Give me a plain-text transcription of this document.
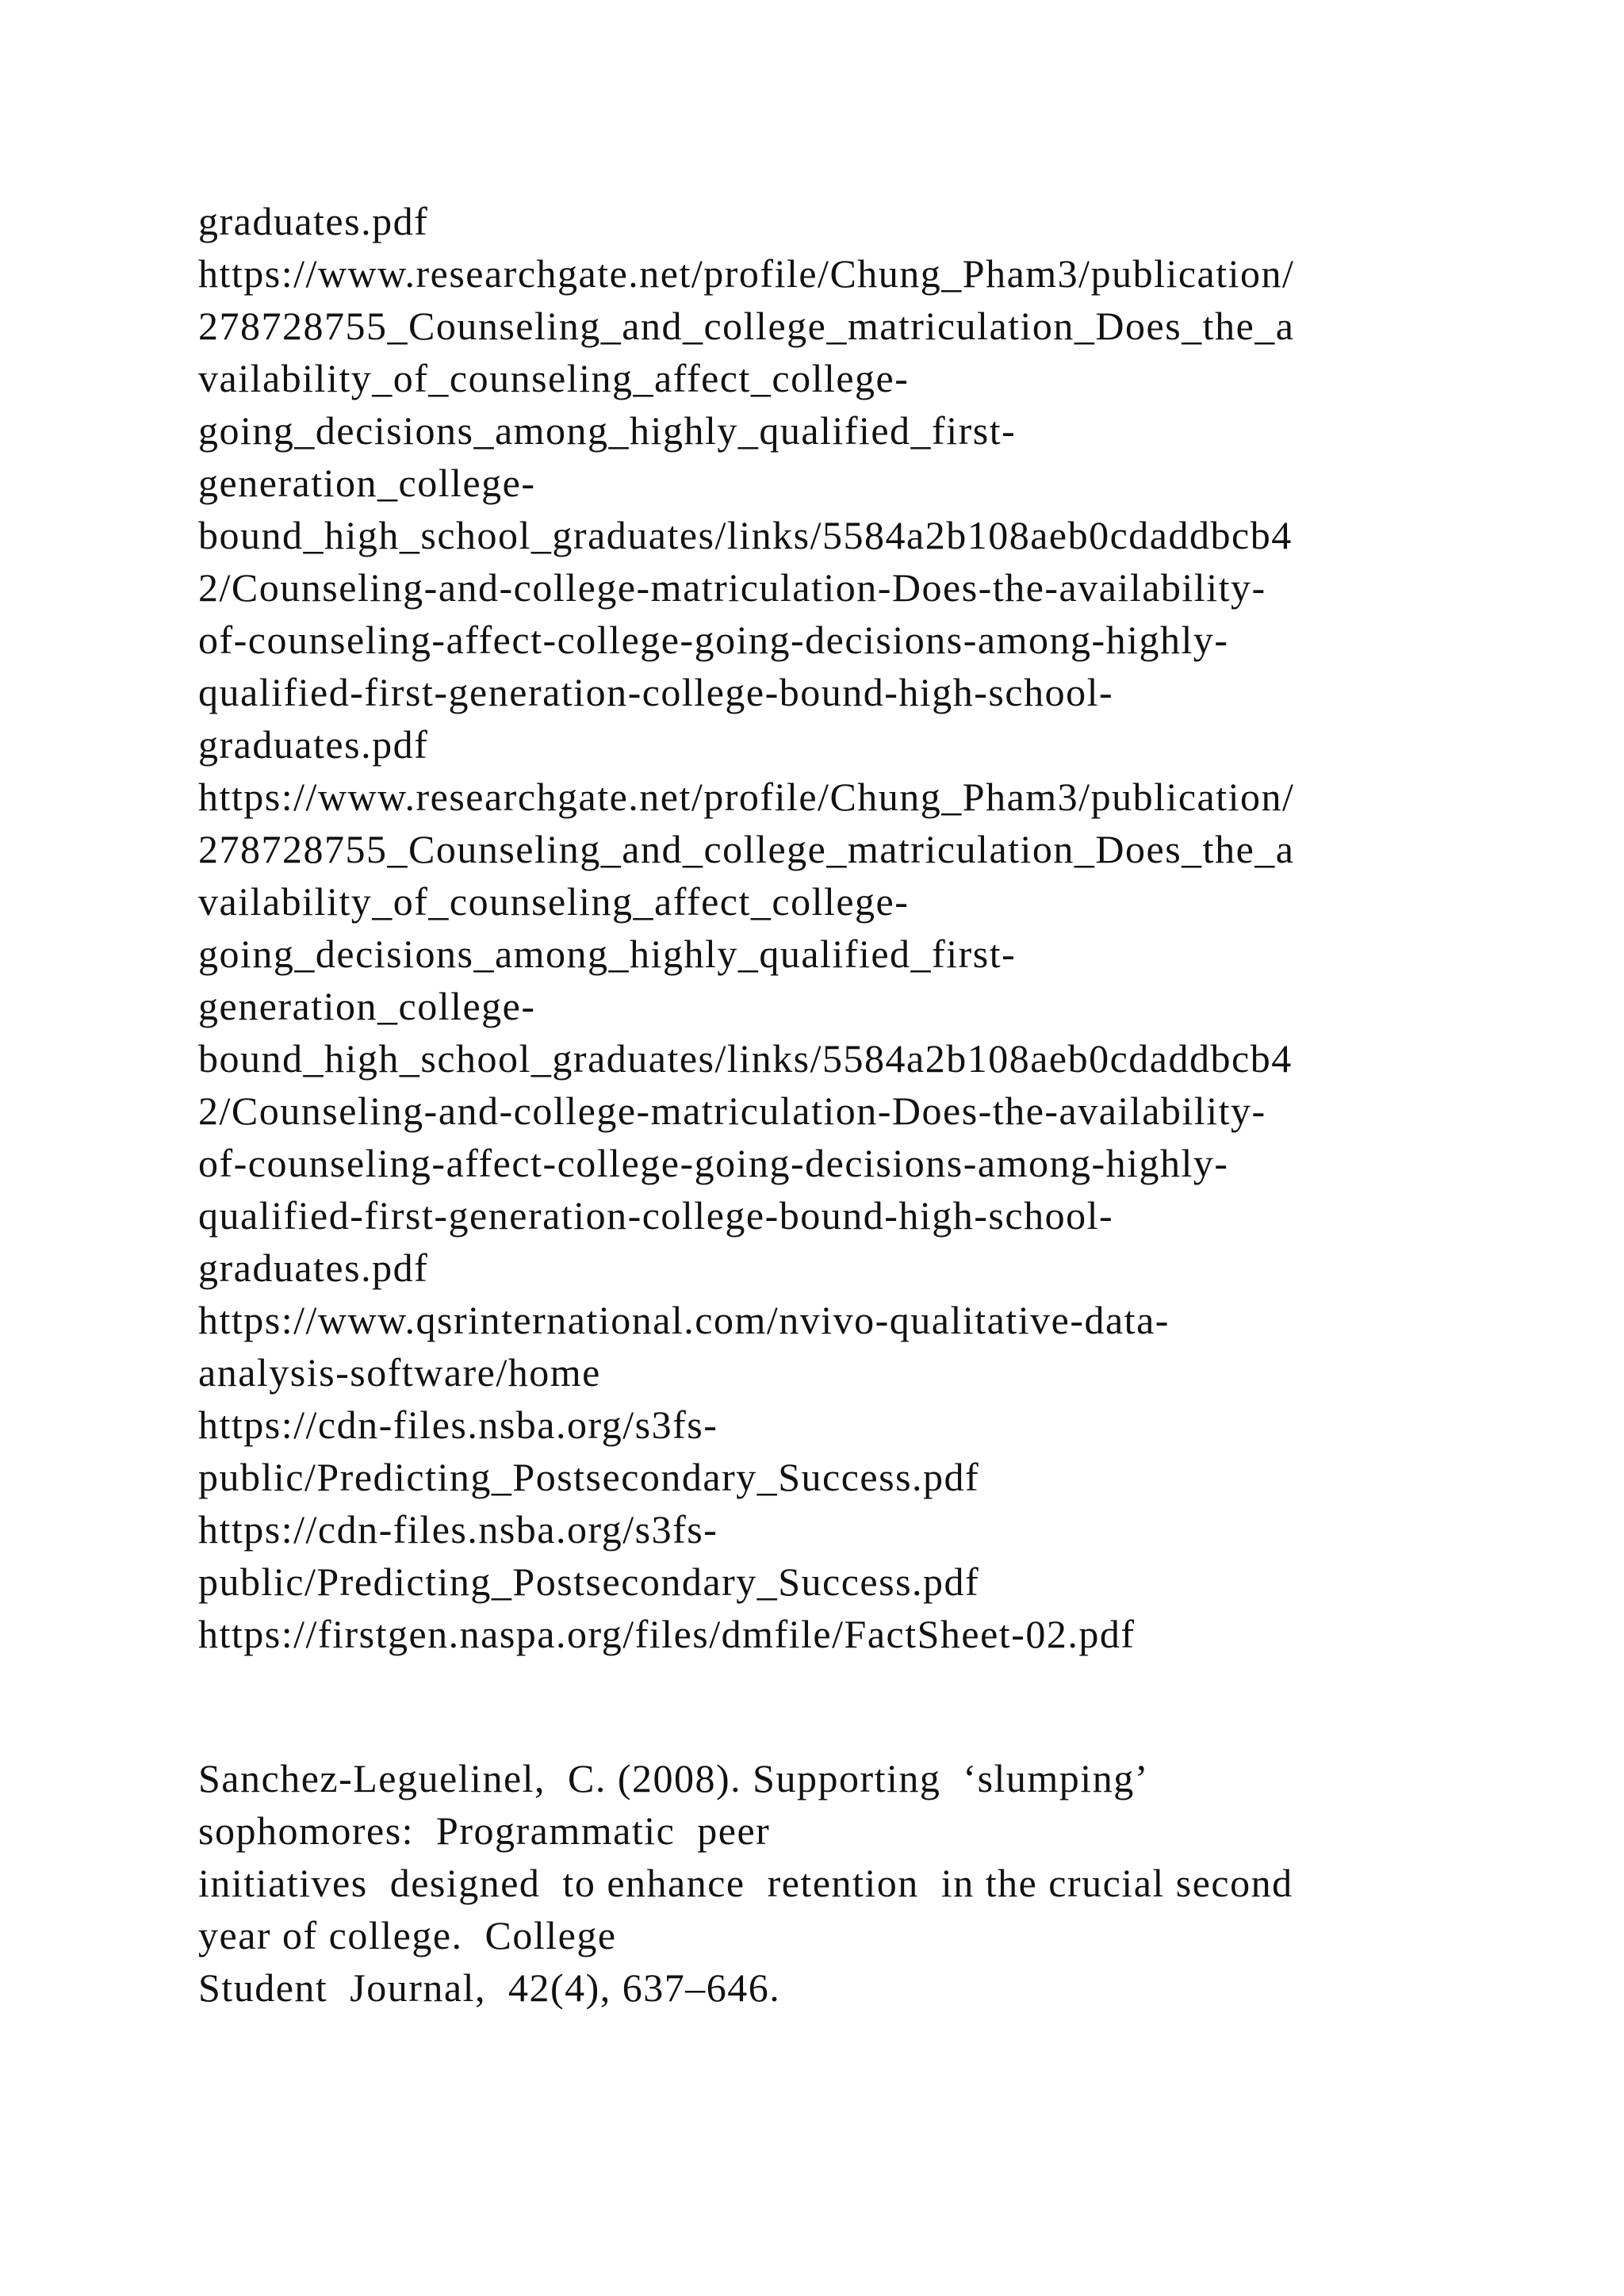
graduates.pdf
https://www.researchgate.net/profile/Chung_Pham3/publication/
278728755_Counseling_and_college_matriculation_Does_the_a
vailability_of_counseling_affect_college-
going_decisions_among_highly_qualified_first-
generation_college-
bound_high_school_graduates/links/5584a2b108aeb0cdaddbcb4
2/Counseling-and-college-matriculation-Does-the-availability-
of-counseling-affect-college-going-decisions-among-highly-
qualified-first-generation-college-bound-high-school-
graduates.pdf
https://www.researchgate.net/profile/Chung_Pham3/publication/
278728755_Counseling_and_college_matriculation_Does_the_a
vailability_of_counseling_affect_college-
going_decisions_among_highly_qualified_first-
generation_college-
bound_high_school_graduates/links/5584a2b108aeb0cdaddbcb4
2/Counseling-and-college-matriculation-Does-the-availability-
of-counseling-affect-college-going-decisions-among-highly-
qualified-first-generation-college-bound-high-school-
graduates.pdf
https://www.qsrinternational.com/nvivo-qualitative-data-
analysis-software/home
https://cdn-files.nsba.org/s3fs-
public/Predicting_Postsecondary_Success.pdf
https://cdn-files.nsba.org/s3fs-
public/Predicting_Postsecondary_Success.pdf
https://firstgen.naspa.org/files/dmfile/FactSheet-02.pdf
Sanchez-Leguelinel,  C. (2008). Supporting  ‘slumping’
sophomores:  Programmatic  peer
initiatives  designed  to enhance  retention  in the crucial second
year of college.  College
Student  Journal,  42(4), 637–646.
